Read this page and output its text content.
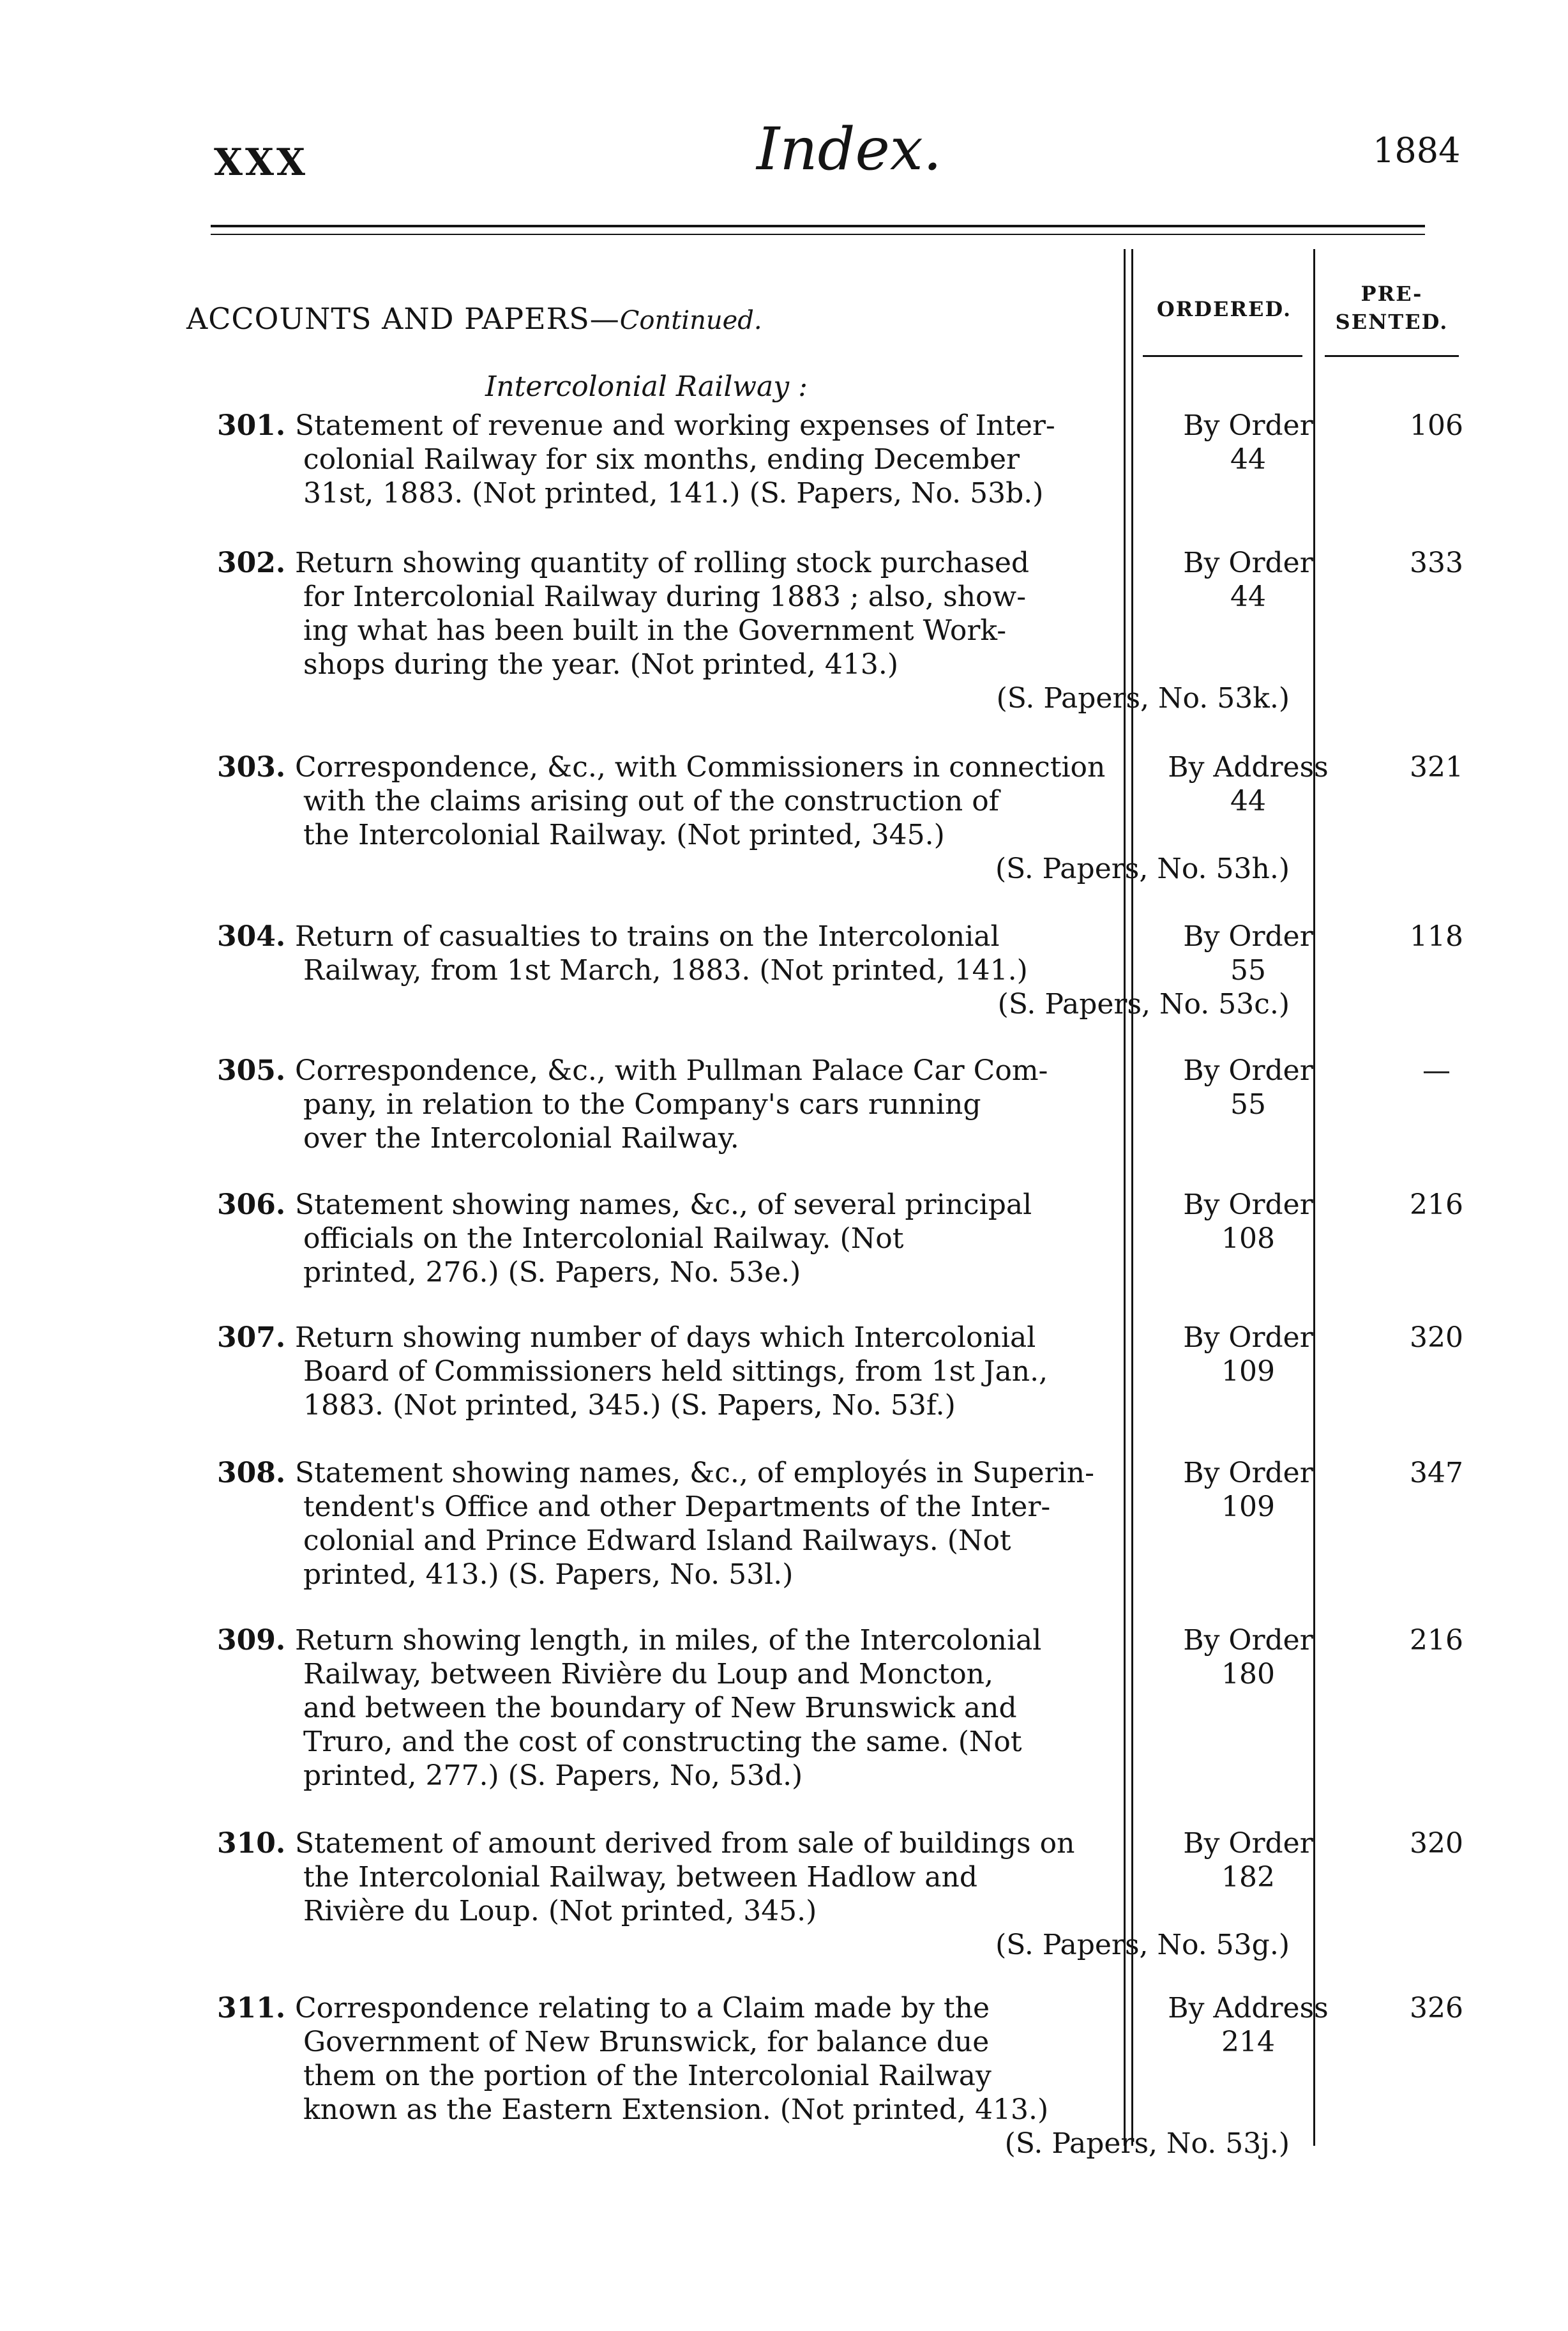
XXX	Index.	1884
ORDERED.
PRE-
SENTED.
ACCOUNTS AND PAPERS—Continued.
Intercolonial Railway :
301. Statement of revenue and working expenses of Inter-
colonial Railway for six months, ending December
31st, 1883. (Not printed, 141.) (S. Papers, No. 53b.)
By Order
44
106
302. Return showing quantity of rolling stock purchased
for Intercolonial Railway during 1883 ; also, show-
ing what has been built in the Government Work-
shops during the year. (Not printed, 413.)
(S. Papers, No. 53k.)
By Order
44
333
303. Correspondence, &c., with Commissioners in connection
with the claims arising out of the construction of
the Intercolonial Railway. (Not printed, 345.)
(S. Papers, No. 53h.)
By Address
44
321
304. Return of casualties to trains on the Intercolonial
Railway, from 1st March, 1883. (Not printed, 141.)
(S. Papers, No. 53c.)
By Order
55
118
305. Correspondence, &c., with Pullman Palace Car Com-
pany, in relation to the Company's cars running
over the Intercolonial Railway.
By Order
55
—
306. Statement showing names, &c., of several principal
officials on the Intercolonial Railway. (Not
printed, 276.) (S. Papers, No. 53e.)
By Order
108
216
307. Return showing number of days which Intercolonial
Board of Commissioners held sittings, from 1st Jan.,
1883. (Not printed, 345.) (S. Papers, No. 53f.)
By Order
109
320
308. Statement showing names, &c., of employés in Superin-
tendent's Office and other Departments of the Inter-
colonial and Prince Edward Island Railways. (Not
printed, 413.) (S. Papers, No. 53l.)
By Order
109
347
309. Return showing length, in miles, of the Intercolonial
Railway, between Rivière du Loup and Moncton,
and between the boundary of New Brunswick and
Truro, and the cost of constructing the same. (Not
printed, 277.) (S. Papers, No, 53d.)
By Order
180
216
310. Statement of amount derived from sale of buildings on
the Intercolonial Railway, between Hadlow and
Rivière du Loup. (Not printed, 345.)
(S. Papers, No. 53g.)
By Order
182
320
311. Correspondence relating to a Claim made by the
Government of New Brunswick, for balance due
them on the portion of the Intercolonial Railway
known as the Eastern Extension. (Not printed, 413.)
(S. Papers, No. 53j.)
By Address
214
326
